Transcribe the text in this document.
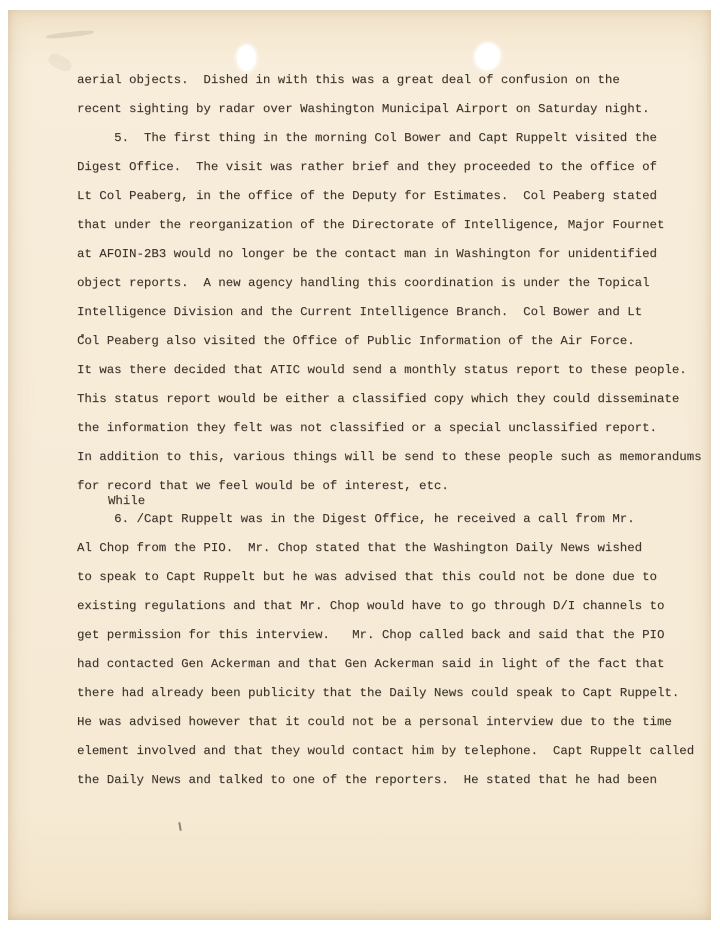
aerial objects.  Dished in with this was a great deal of confusion on the
recent sighting by radar over Washington Municipal Airport on Saturday night.
5.  The first thing in the morning Col Bower and Capt Ruppelt visited the
Digest Office.  The visit was rather brief and they proceeded to the office of
Lt Col Peaberg, in the office of the Deputy for Estimates.  Col Peaberg stated
that under the reorganization of the Directorate of Intelligence, Major Fournet
at AFOIN-2B3 would no longer be the contact man in Washington for unidentified
object reports.  A new agency handling this coordination is under the Topical
Intelligence Division and the Current Intelligence Branch.  Col Bower and Lt
Col Peaberg also visited the Office of Public Information of the Air Force.
It was there decided that ATIC would send a monthly status report to these people.
This status report would be either a classified copy which they could disseminate
the information they felt was not classified or a special unclassified report.
In addition to this, various things will be send to these people such as memorandums
for record that we feel would be of interest, etc.
While
6. /Capt Ruppelt was in the Digest Office, he received a call from Mr.
Al Chop from the PIO.  Mr. Chop stated that the Washington Daily News wished
to speak to Capt Ruppelt but he was advised that this could not be done due to
existing regulations and that Mr. Chop would have to go through D/I channels to
get permission for this interview.   Mr. Chop called back and said that the PIO
had contacted Gen Ackerman and that Gen Ackerman said in light of the fact that
there had already been publicity that the Daily News could speak to Capt Ruppelt.
He was advised however that it could not be a personal interview due to the time
element involved and that they would contact him by telephone.  Capt Ruppelt called
the Daily News and talked to one of the reporters.  He stated that he had been
